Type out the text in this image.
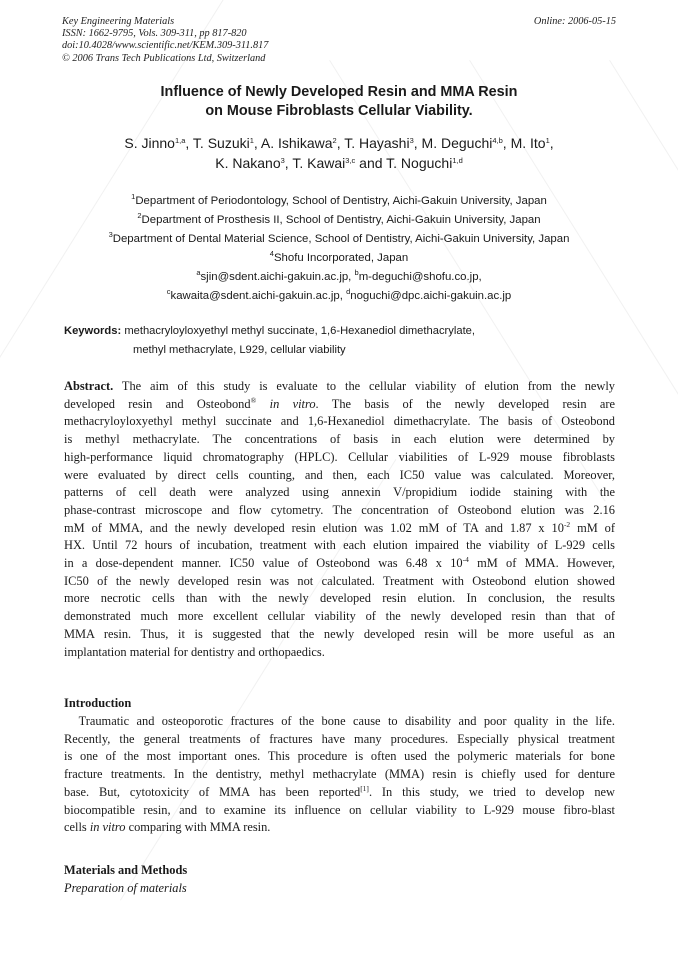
Key Engineering Materials
ISSN: 1662-9795, Vols. 309-311, pp 817-820
doi:10.4028/www.scientific.net/KEM.309-311.817
© 2006 Trans Tech Publications Ltd, Switzerland
Online: 2006-05-15
Influence of Newly Developed Resin and MMA Resin
on Mouse Fibroblasts Cellular Viability.
S. Jinno$^{1,a}$, T. Suzuki$^1$, A. Ishikawa$^2$, T. Hayashi$^3$, M. Deguchi$^{4,b}$, M. Ito$^1$,
K. Nakano$^3$, T. Kawai$^{3,c}$ and T. Noguchi$^{1,d}$
$^1$Department of Periodontology, School of Dentistry, Aichi-Gakuin University, Japan
$^2$Department of Prosthesis II, School of Dentistry, Aichi-Gakuin University, Japan
$^3$Department of Dental Material Science, School of Dentistry, Aichi-Gakuin University, Japan
$^4$Shofu Incorporated, Japan
$^a$sjin@sdent.aichi-gakuin.ac.jp, $^b$m-deguchi@shofu.co.jp,
$^c$kawaita@sdent.aichi-gakuin.ac.jp, $^d$noguchi@dpc.aichi-gakuin.ac.jp
Keywords: methacryloyloxyethyl methyl succinate, 1,6-Hexanediol dimethacrylate,
methyl methacrylate, L929, cellular viability
Abstract. The aim of this study is evaluate to the cellular viability of elution from the newly
developed resin and Osteobond® in vitro. The basis of the newly developed resin are
methacryloyloxyethyl methyl succinate and 1,6-Hexanediol dimethacrylate. The basis of Osteobond
is methyl methacrylate. The concentrations of basis in each elution were determined by
high-performance liquid chromatography (HPLC). Cellular viabilities of L-929 mouse fibroblasts
were evaluated by direct cells counting, and then, each IC50 value was calculated. Moreover,
patterns of cell death were analyzed using annexin V/propidium iodide staining with the
phase-contrast microscope and flow cytometry. The concentration of Osteobond elution was 2.16
mM of MMA, and the newly developed resin elution was 1.02 mM of TA and 1.87 x $10^{-2}$ mM of
HX. Until 72 hours of incubation, treatment with each elution impaired the viability of L-929 cells
in a dose-dependent manner. IC50 value of Osteobond was 6.48 x $10^{-4}$ mM of MMA. However,
IC50 of the newly developed resin was not calculated. Treatment with Osteobond elution showed
more necrotic cells than with the newly developed resin elution. In conclusion, the results
demonstrated much more excellent cellular viability of the newly developed resin than that of
MMA resin. Thus, it is suggested that the newly developed resin will be more useful as an
implantation material for dentistry and orthopaedics.
Introduction
Traumatic and osteoporotic fractures of the bone cause to disability and poor quality in the life.
Recently, the general treatments of fractures have many procedures. Especially physical treatment
is one of the most important ones. This procedure is often used the polymeric materials for bone
fracture treatments. In the dentistry, methyl methacrylate (MMA) resin is chiefly used for denture
base. But, cytotoxicity of MMA has been reported[1]. In this study, we tried to develop new
biocompatible resin, and to examine its influence on cellular viability to L-929 mouse fibro-blast
cells in vitro comparing with MMA resin.
Materials and Methods
Preparation of materials
